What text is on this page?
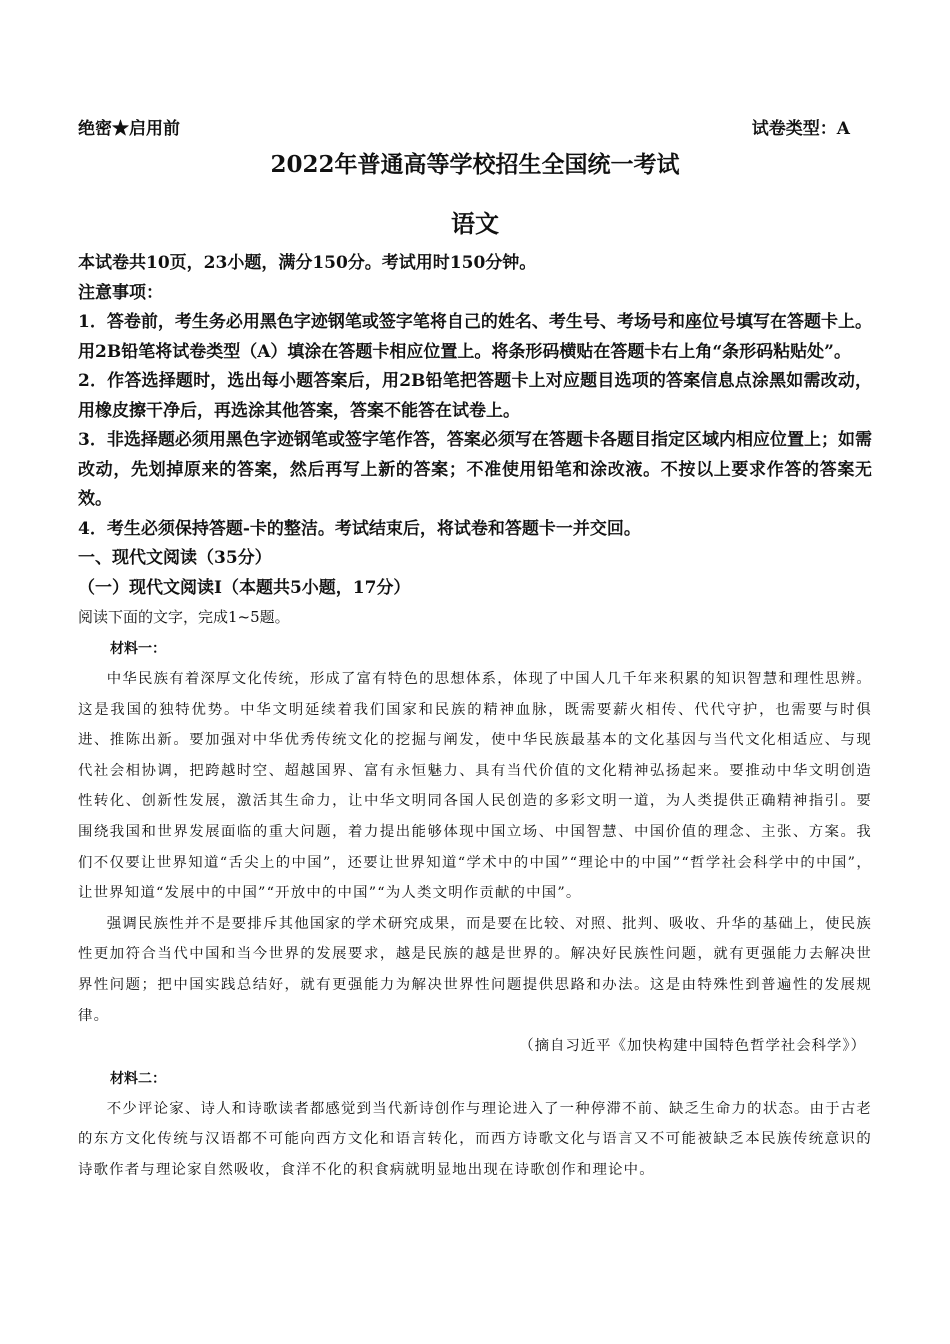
绝密★启用前	试卷类型：A
2022年普通高等学校招生全国统一考试
语文

本试卷共10页，23小题，满分150分。考试用时150分钟。

注意事项：

1．答卷前，考生务必用黑色字迹钢笔或签字笔将自己的姓名、考生号、考场号和座位号填写在答题卡上。用2B铅笔将试卷类型（A）填涂在答题卡相应位置上。将条形码横贴在答题卡右上角“条形码粘贴处”。

2．作答选择题时，选出每小题答案后，用2B铅笔把答题卡上对应题目选项的答案信息点涂黑如需改动，用橡皮擦干净后，再选涂其他答案，答案不能答在试卷上。

3．非选择题必须用黑色字迹钢笔或签字笔作答，答案必须写在答题卡各题目指定区域内相应位置上；如需改动，先划掉原来的答案，然后再写上新的答案；不准使用铅笔和涂改液。不按以上要求作答的答案无效。

4．考生必须保持答题-卡的整洁。考试结束后，将试卷和答题卡一并交回。

一、现代文阅读（35分）

（一）现代文阅读Ⅰ（本题共5小题，17分）

阅读下面的文字，完成1~5题。

材料一：

中华民族有着深厚文化传统，形成了富有特色的思想体系，体现了中国人几千年来积累的知识智慧和理性思辨。这是我国的独特优势。中华文明延续着我们国家和民族的精神血脉，既需要薪火相传、代代守护，也需要与时俱进、推陈出新。要加强对中华优秀传统文化的挖掘与阐发，使中华民族最基本的文化基因与当代文化相适应、与现代社会相协调，把跨越时空、超越国界、富有永恒魅力、具有当代价值的文化精神弘扬起来。要推动中华文明创造性转化、创新性发展，激活其生命力，让中华文明同各国人民创造的多彩文明一道，为人类提供正确精神指引。要围绕我国和世界发展面临的重大问题，着力提出能够体现中国立场、中国智慧、中国价值的理念、主张、方案。我们不仅要让世界知道“舌尖上的中国”，还要让世界知道“学术中的中国”“理论中的中国”“哲学社会科学中的中国”，让世界知道“发展中的中国”“开放中的中国”“为人类文明作贡献的中国”。

强调民族性并不是要排斥其他国家的学术研究成果，而是要在比较、对照、批判、吸收、升华的基础上，使民族性更加符合当代中国和当今世界的发展要求，越是民族的越是世界的。解决好民族性问题，就有更强能力去解决世界性问题；把中国实践总结好，就有更强能力为解决世界性问题提供思路和办法。这是由特殊性到普遍性的发展规律。

（摘自习近平《加快构建中国特色哲学社会科学》）

材料二：

不少评论家、诗人和诗歌读者都感觉到当代新诗创作与理论进入了一种停滞不前、缺乏生命力的状态。由于古老的东方文化传统与汉语都不可能向西方文化和语言转化，而西方诗歌文化与语言又不可能被缺乏本民族传统意识的诗歌作者与理论家自然吸收，食洋不化的积食病就明显地出现在诗歌创作和理论中。
